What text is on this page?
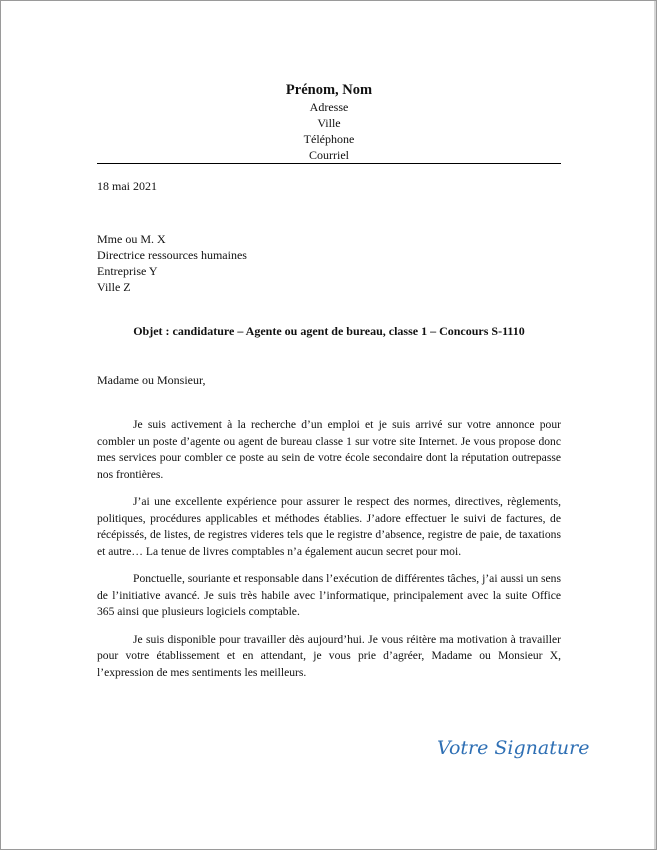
Prénom, Nom
Adresse
Ville
Téléphone
Courriel
18 mai 2021
Mme ou M. X
Directrice ressources humaines
Entreprise Y
Ville Z
Objet : candidature – Agente ou agent de bureau, classe 1 – Concours S-1110
Madame ou Monsieur,

Je suis activement à la recherche d’un emploi et je suis arrivé sur votre annonce pour combler un poste d’agente ou agent de bureau classe 1 sur votre site Internet. Je vous propose donc mes services pour combler ce poste au sein de votre école secondaire dont la réputation outrepasse nos frontières.

J’ai une excellente expérience pour assurer le respect des normes, directives, règlements, politiques, procédures applicables et méthodes établies. J’adore effectuer le suivi de factures, de récépissés, de listes, de registres videres tels que le registre d’absence, registre de paie, de taxations et autre… La tenue de livres comptables n’a également aucun secret pour moi.

Ponctuelle, souriante et responsable dans l’exécution de différentes tâches, j’ai aussi un sens de l’initiative avancé. Je suis très habile avec l’informatique, principalement avec la suite Office 365 ainsi que plusieurs logiciels comptable.

Je suis disponible pour travailler dès aujourd’hui. Je vous réitère ma motivation à travailler pour votre établissement et en attendant, je vous prie d’agréer, Madame ou Monsieur X, l’expression de mes sentiments les meilleurs.

Votre Signature
